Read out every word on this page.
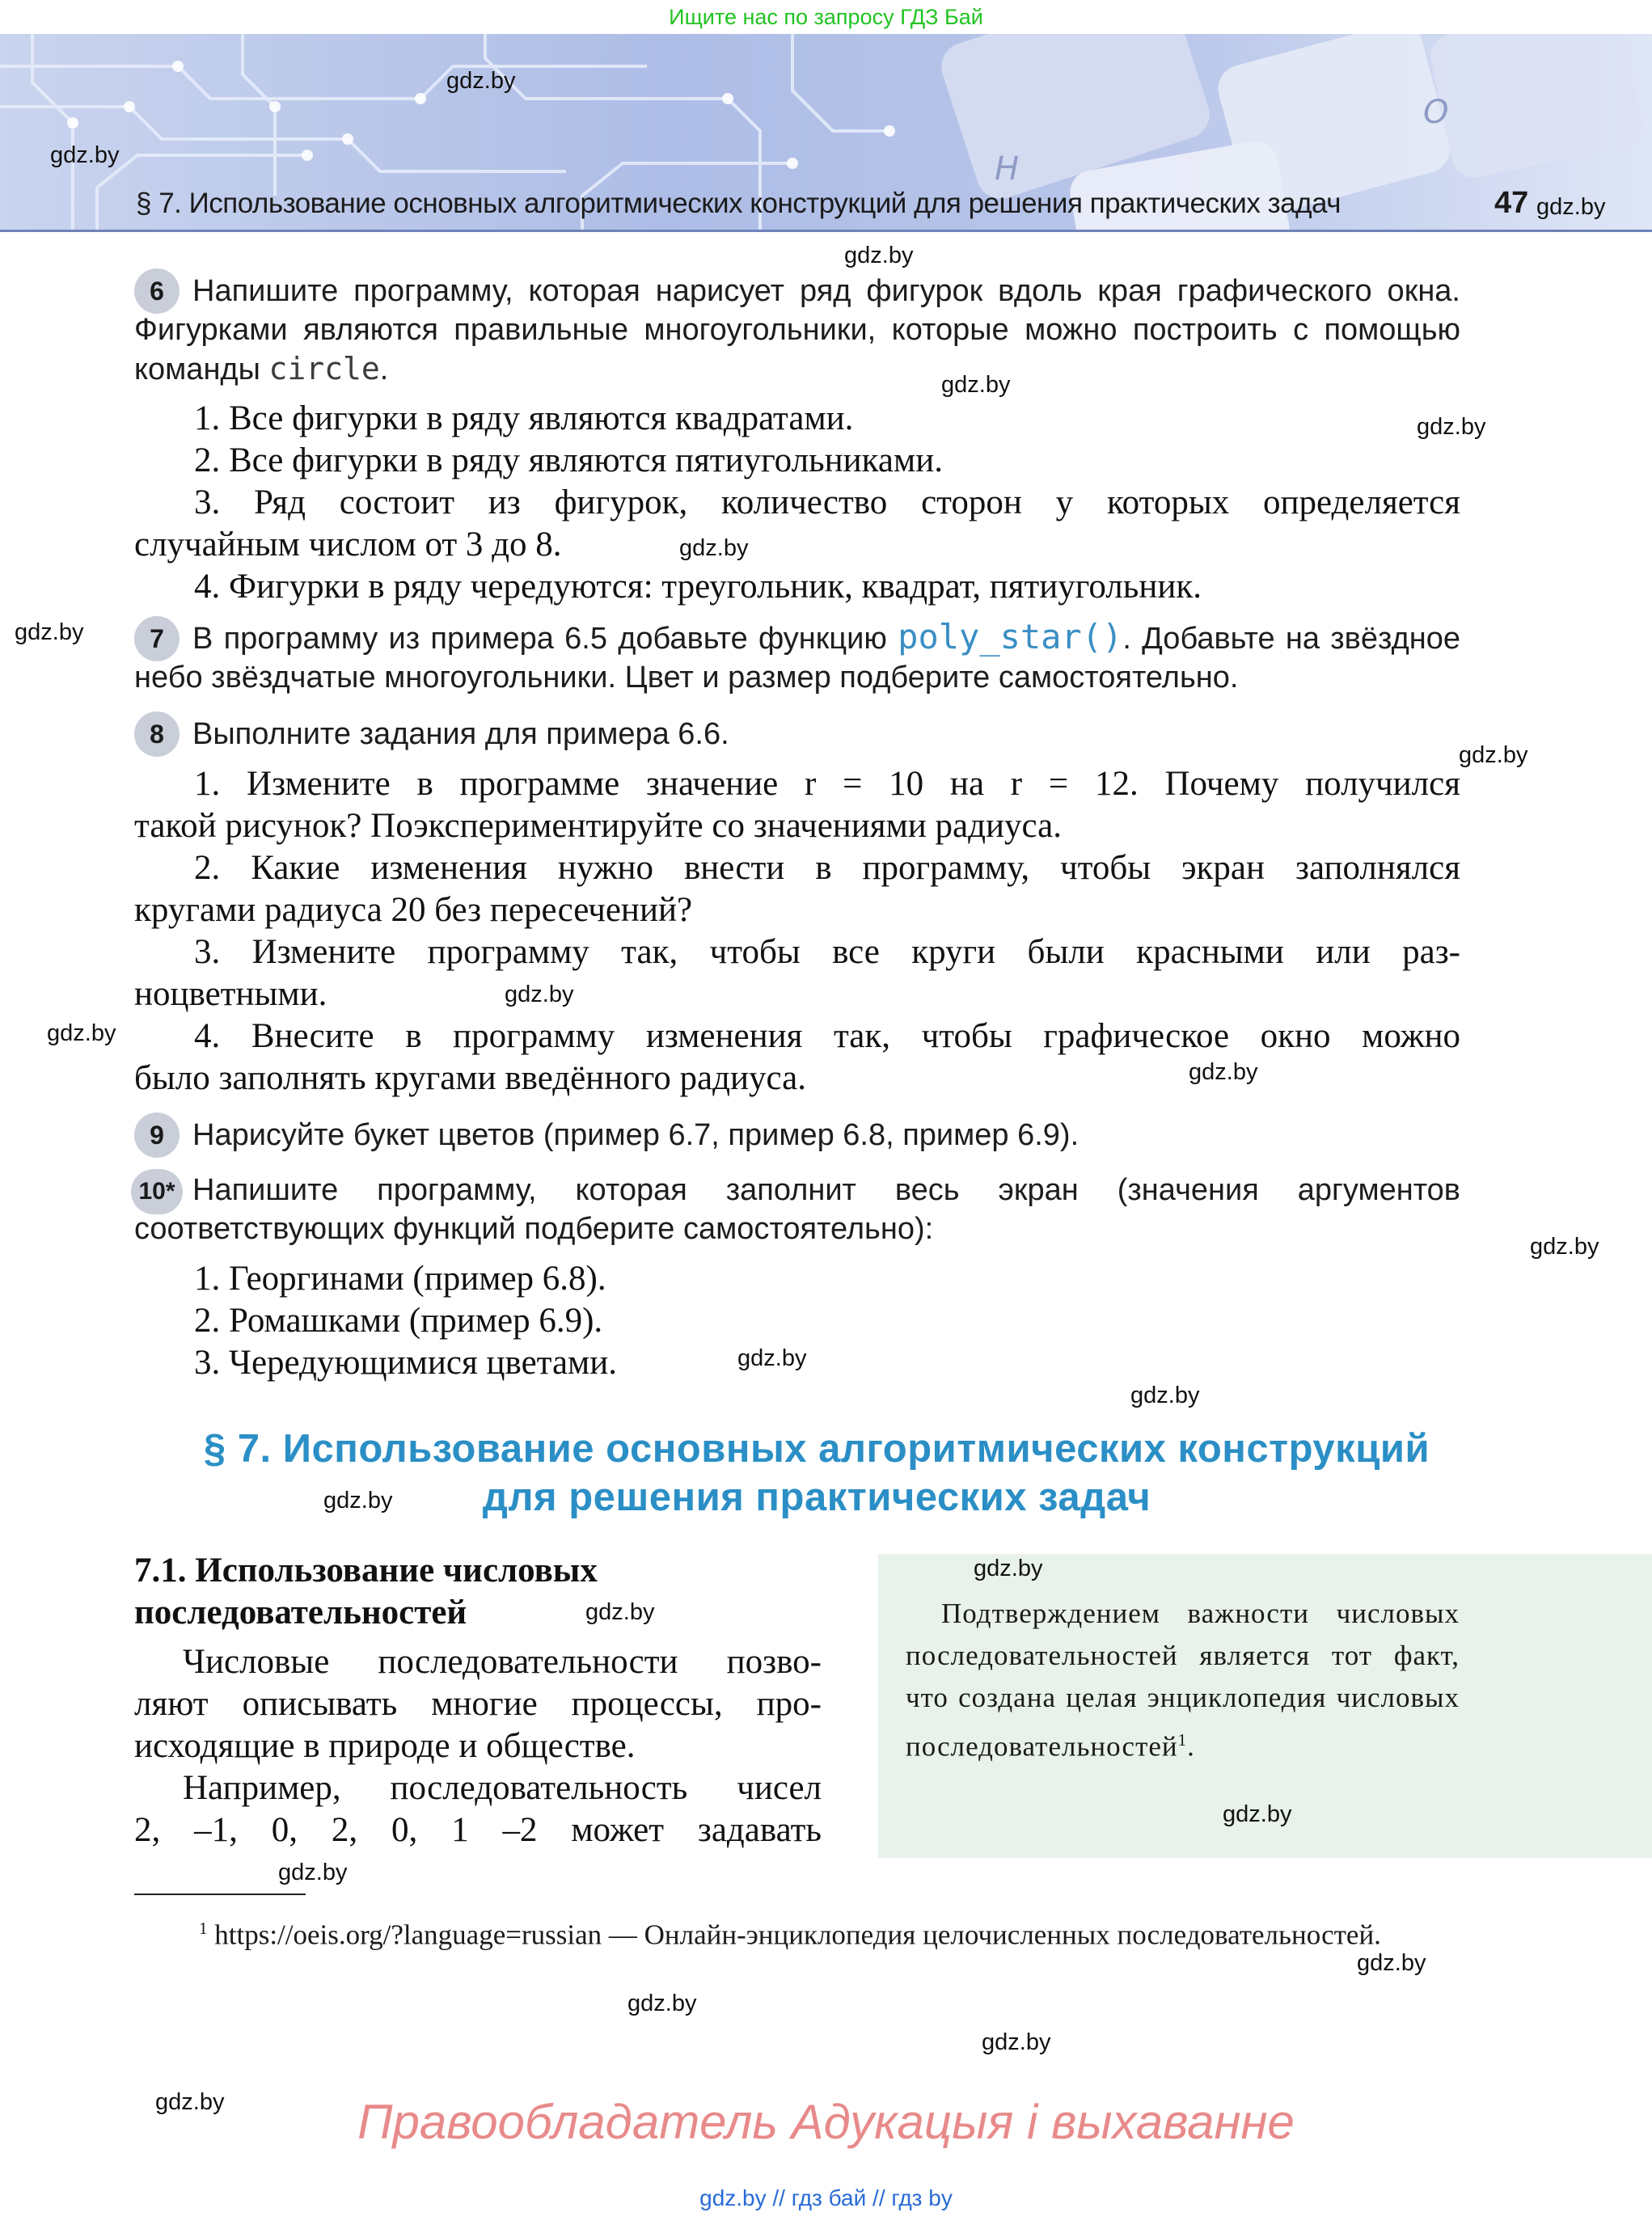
Ищите нас по запросу ГДЗ Бай
H
O
§ 7. Использование основных алгоритмических конструкций для решения практических задач	47
6 Напишите программу, которая нарисует ряд фигурок вдоль края графического окна. Фигурками являются правильные многоугольники, которые можно построить с помощью команды circle.
1. Все фигурки в ряду являются квадратами.
2. Все фигурки в ряду являются пятиугольниками.
3. Ряд состоит из фигурок, количество сторон у которых определяется
случайным числом от 3 до 8.
4. Фигурки в ряду чередуются: треугольник, квадрат, пятиугольник.
7 В программу из примера 6.5 добавьте функцию poly_star(). Добавьте на звёздное небо звёздчатые многоугольники. Цвет и размер подберите самостоятельно.
8 Выполните задания для примера 6.6.
1. Измените в программе значение r = 10 на r = 12. Почему получился
такой рисунок? Поэкспериментируйте со значениями радиуса.
2. Какие изменения нужно внести в программу, чтобы экран заполнялся
кругами радиуса 20 без пересечений?
3. Измените программу так, чтобы все круги были красными или раз-
ноцветными.
4. Внесите в программу изменения так, чтобы графическое окно можно
было заполнять кругами введённого радиуса.
9 Нарисуйте букет цветов (пример 6.7, пример 6.8, пример 6.9).
10* Напишите программу, которая заполнит весь экран (значения аргументов соответствующих функций подберите самостоятельно):
1. Георгинами (пример 6.8).
2. Ромашками (пример 6.9).
3. Чередующимися цветами.
§ 7. Использование основных алгоритмических конструкций
для решения практических задач
7.1. Использование числовых
последовательностей
Числовые последовательности позво-
ляют описывать многие процессы, про-
исходящие в природе и обществе.
Например, последовательность чисел
2, –1, 0, 2, 0, 1 –2 может задавать
Подтверждением важности числовых последовательностей является тот факт, что создана целая энциклопедия числовых последовательностей$^1$.
$^1$ https://oeis.org/?language=russian — Онлайн-энциклопедия целочисленных последовательностей.
Правообладатель Адукацыя і выхаванне
gdz.by // гдз бай // гдз by
gdz.by
gdz.by
gdz.by
gdz.by
gdz.by
gdz.by
gdz.by
gdz.by
gdz.by
gdz.by
gdz.by
gdz.by
gdz.by
gdz.by
gdz.by
gdz.by
gdz.by
gdz.by
gdz.by
gdz.by
gdz.by
gdz.by
gdz.by
gdz.by
